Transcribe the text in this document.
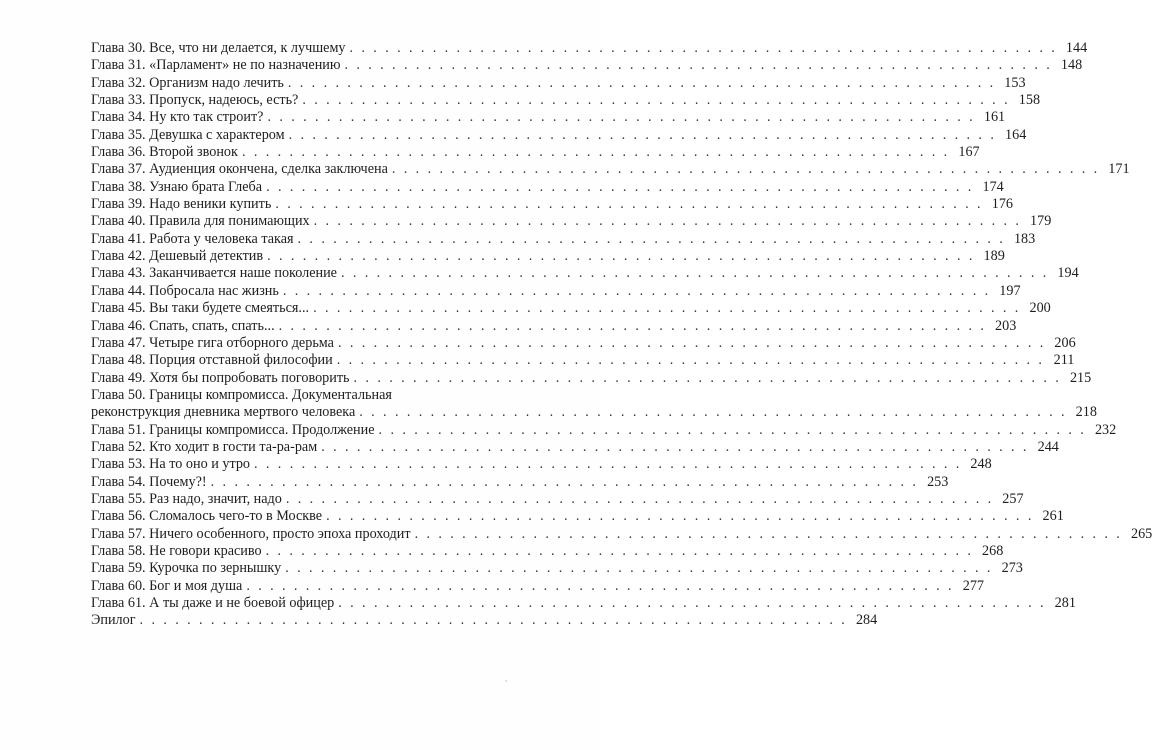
Глава 30. Все, что ни делается, к лучшему . . . . . . . . . . . . . . . . . . . . . . . . . . . . . . . . . . . . . . . . . . . . . . . . . . . . . . . . . . . . 144
Глава 31. «Парламент» не по назначению . . . . . . . . . . . . . . . . . . . . . . . . . . . . . . . . . . . . . . . . . . . . . . . . . . . . . . . . . . . . 148
Глава 32. Организм надо лечить . . . . . . . . . . . . . . . . . . . . . . . . . . . . . . . . . . . . . . . . . . . . . . . . . . . . . . . . . . . . 153
Глава 33. Пропуск, надеюсь, есть? . . . . . . . . . . . . . . . . . . . . . . . . . . . . . . . . . . . . . . . . . . . . . . . . . . . . . . . . . . . . 158
Глава 34. Ну кто так строит? . . . . . . . . . . . . . . . . . . . . . . . . . . . . . . . . . . . . . . . . . . . . . . . . . . . . . . . . . . . . 161
Глава 35. Девушка с характером . . . . . . . . . . . . . . . . . . . . . . . . . . . . . . . . . . . . . . . . . . . . . . . . . . . . . . . . . . . . 164
Глава 36. Второй звонок . . . . . . . . . . . . . . . . . . . . . . . . . . . . . . . . . . . . . . . . . . . . . . . . . . . . . . . . . . . . 167
Глава 37. Аудиенция окончена, сделка заключена . . . . . . . . . . . . . . . . . . . . . . . . . . . . . . . . . . . . . . . . . . . . . . . . . . . . . . . . . . . . 171
Глава 38. Узнаю брата Глеба . . . . . . . . . . . . . . . . . . . . . . . . . . . . . . . . . . . . . . . . . . . . . . . . . . . . . . . . . . . . 174
Глава 39. Надо веники купить . . . . . . . . . . . . . . . . . . . . . . . . . . . . . . . . . . . . . . . . . . . . . . . . . . . . . . . . . . . . 176
Глава 40. Правила для понимающих . . . . . . . . . . . . . . . . . . . . . . . . . . . . . . . . . . . . . . . . . . . . . . . . . . . . . . . . . . . . 179
Глава 41. Работа у человека такая . . . . . . . . . . . . . . . . . . . . . . . . . . . . . . . . . . . . . . . . . . . . . . . . . . . . . . . . . . . . 183
Глава 42. Дешевый детектив . . . . . . . . . . . . . . . . . . . . . . . . . . . . . . . . . . . . . . . . . . . . . . . . . . . . . . . . . . . . 189
Глава 43. Заканчивается наше поколение . . . . . . . . . . . . . . . . . . . . . . . . . . . . . . . . . . . . . . . . . . . . . . . . . . . . . . . . . . . . 194
Глава 44. Побросала нас жизнь . . . . . . . . . . . . . . . . . . . . . . . . . . . . . . . . . . . . . . . . . . . . . . . . . . . . . . . . . . . . 197
Глава 45. Вы таки будете смеяться... . . . . . . . . . . . . . . . . . . . . . . . . . . . . . . . . . . . . . . . . . . . . . . . . . . . . . . . . . . . . 200
Глава 46. Спать, спать, спать... . . . . . . . . . . . . . . . . . . . . . . . . . . . . . . . . . . . . . . . . . . . . . . . . . . . . . . . . . . . . 203
Глава 47. Четыре гига отборного дерьма . . . . . . . . . . . . . . . . . . . . . . . . . . . . . . . . . . . . . . . . . . . . . . . . . . . . . . . . . . . . 206
Глава 48. Порция отставной философии . . . . . . . . . . . . . . . . . . . . . . . . . . . . . . . . . . . . . . . . . . . . . . . . . . . . . . . . . . . . 211
Глава 49. Хотя бы попробовать поговорить . . . . . . . . . . . . . . . . . . . . . . . . . . . . . . . . . . . . . . . . . . . . . . . . . . . . . . . . . . . . 215
Глава 50. Границы компромисса. Документальная
реконструкция дневника мертвого человека . . . . . . . . . . . . . . . . . . . . . . . . . . . . . . . . . . . . . . . . . . . . . . . . . . . . . . . . . . . . 218
Глава 51. Границы компромисса. Продолжение . . . . . . . . . . . . . . . . . . . . . . . . . . . . . . . . . . . . . . . . . . . . . . . . . . . . . . . . . . . . 232
Глава 52. Кто ходит в гости та-ра-рам . . . . . . . . . . . . . . . . . . . . . . . . . . . . . . . . . . . . . . . . . . . . . . . . . . . . . . . . . . . . 244
Глава 53. На то оно и утро . . . . . . . . . . . . . . . . . . . . . . . . . . . . . . . . . . . . . . . . . . . . . . . . . . . . . . . . . . . . 248
Глава 54. Почему?! . . . . . . . . . . . . . . . . . . . . . . . . . . . . . . . . . . . . . . . . . . . . . . . . . . . . . . . . . . . . 253
Глава 55. Раз надо, значит, надо . . . . . . . . . . . . . . . . . . . . . . . . . . . . . . . . . . . . . . . . . . . . . . . . . . . . . . . . . . . . 257
Глава 56. Сломалось чего-то в Москве . . . . . . . . . . . . . . . . . . . . . . . . . . . . . . . . . . . . . . . . . . . . . . . . . . . . . . . . . . . . 261
Глава 57. Ничего особенного, просто эпоха проходит . . . . . . . . . . . . . . . . . . . . . . . . . . . . . . . . . . . . . . . . . . . . . . . . . . . . . . . . . . . . 265
Глава 58. Не говори красиво . . . . . . . . . . . . . . . . . . . . . . . . . . . . . . . . . . . . . . . . . . . . . . . . . . . . . . . . . . . . 268
Глава 59. Курочка по зернышку . . . . . . . . . . . . . . . . . . . . . . . . . . . . . . . . . . . . . . . . . . . . . . . . . . . . . . . . . . . . 273
Глава 60. Бог и моя душа . . . . . . . . . . . . . . . . . . . . . . . . . . . . . . . . . . . . . . . . . . . . . . . . . . . . . . . . . . . . 277
Глава 61. А ты даже и не боевой офицер . . . . . . . . . . . . . . . . . . . . . . . . . . . . . . . . . . . . . . . . . . . . . . . . . . . . . . . . . . . . 281
Эпилог . . . . . . . . . . . . . . . . . . . . . . . . . . . . . . . . . . . . . . . . . . . . . . . . . . . . . . . . . . . . 284
